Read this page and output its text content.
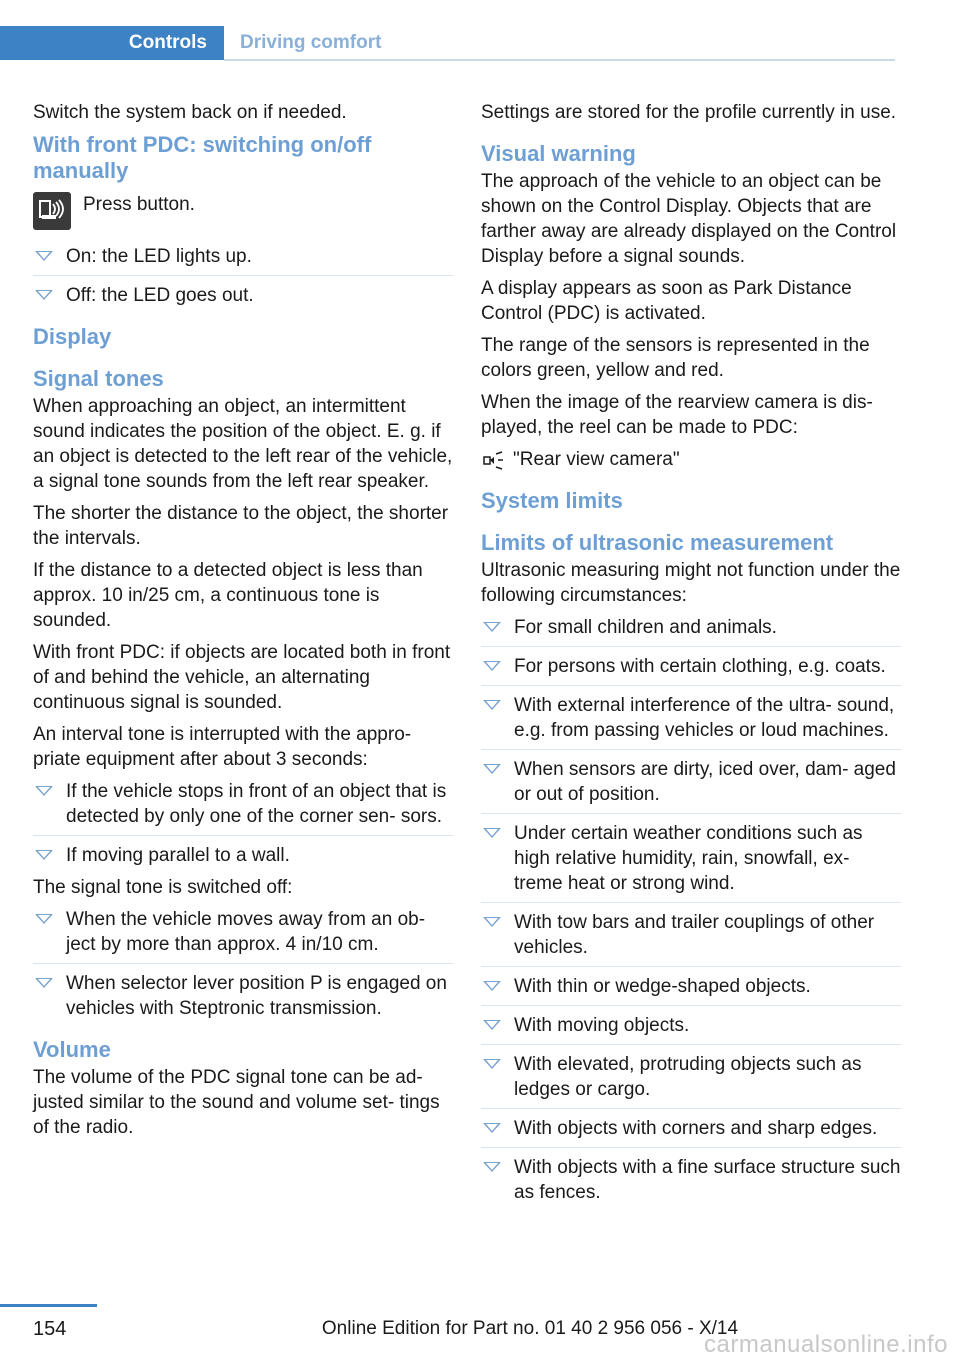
Controls	Driving comfort

Switch the system back on if needed.

With front PDC: switching on/off manually
Press button.
On: the LED lights up.
Off: the LED goes out.
Display
Signal tones

When approaching an object, an intermittent sound indicates the position of the object. E. g. if an object is detected to the left rear of the vehicle, a signal tone sounds from the left rear speaker.

The shorter the distance to the object, the shorter the intervals.

If the distance to a detected object is less than approx. 10 in/25 cm, a continuous tone is sounded.

With front PDC: if objects are located both in front of and behind the vehicle, an alternating continuous signal is sounded.

An interval tone is interrupted with the appro‐ priate equipment after about 3 seconds:

If the vehicle stops in front of an object that is detected by only one of the corner sen‐ sors.
If moving parallel to a wall.

The signal tone is switched off:

When the vehicle moves away from an ob‐ ject by more than approx. 4 in/10 cm.
When selector lever position P is engaged on vehicles with Steptronic transmission.
Volume

The volume of the PDC signal tone can be ad‐ justed similar to the sound and volume set‐ tings of the radio.

Settings are stored for the profile currently in use.

Visual warning

The approach of the vehicle to an object can be shown on the Control Display. Objects that are farther away are already displayed on the Control Display before a signal sounds.

A display appears as soon as Park Distance Control (PDC) is activated.

The range of the sensors is represented in the colors green, yellow and red.

When the image of the rearview camera is dis‐ played, the reel can be made to PDC:

"Rear view camera"
System limits
Limits of ultrasonic measurement

Ultrasonic measuring might not function under the following circumstances:

For small children and animals.
For persons with certain clothing, e.g. coats.
With external interference of the ultra‐ sound, e.g. from passing vehicles or loud machines.
When sensors are dirty, iced over, dam‐ aged or out of position.
Under certain weather conditions such as high relative humidity, rain, snowfall, ex‐ treme heat or strong wind.
With tow bars and trailer couplings of other vehicles.
With thin or wedge-shaped objects.
With moving objects.
With elevated, protruding objects such as ledges or cargo.
With objects with corners and sharp edges.
With objects with a fine surface structure such as fences.
154	Online Edition for Part no. 01 40 2 956 056 - X/14
carmanualsonline.info
